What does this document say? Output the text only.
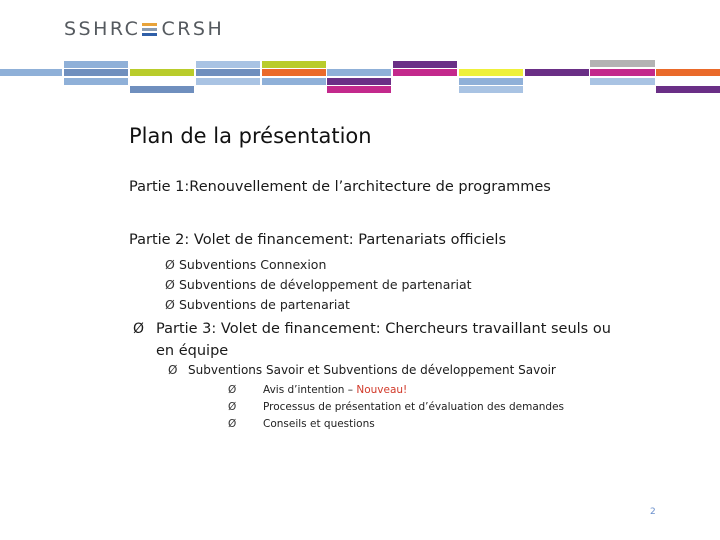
SSHRC CRSH
Plan de la présentation
Partie 1:Renouvellement de l’architecture de programmes
Partie 2: Volet de financement: Partenariats officiels
Ø Subventions Connexion
Ø Subventions de développement de partenariat
Ø Subventions de partenariat
Ø Partie 3: Volet de financement: Chercheurs travaillant seuls ou en équipe
Ø Subventions Savoir et Subventions de développement Savoir
Ø	Avis d’intention – Nouveau!
Ø	Processus de présentation et d’évaluation des demandes
Ø	Conseils et questions
2
